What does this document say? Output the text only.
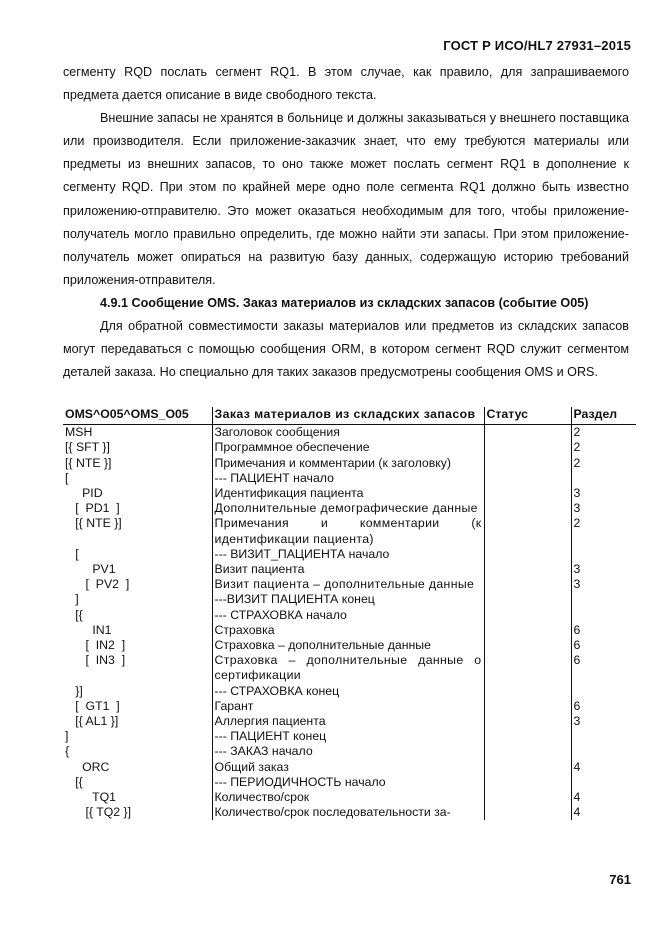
ГОСТ Р ИСО/HL7 27931–2015

сегменту RQD послать сегмент RQ1. В этом случае, как правило, для запрашиваемого предмета дается описание в виде свободного текста.

Внешние запасы не хранятся в больнице и должны заказываться у внешнего поставщика или производителя. Если приложение-заказчик знает, что ему требуются материалы или предметы из внешних запасов, то оно также может послать сегмент RQ1 в дополнение к сегменту RQD. При этом по крайней мере одно поле сегмента RQ1 должно быть известно приложению-отправителю. Это может оказаться необходимым для того, чтобы приложение-получатель могло правильно определить, где можно найти эти запасы. При этом приложение-получатель может опираться на развитую базу данных, содержащую историю требований приложения-отправителя.

4.9.1 Сообщение OMS. Заказ материалов из складских запасов (событие O05)

Для обратной совместимости заказы материалов или предметов из складских запасов могут передаваться с помощью сообщения ORM, в котором сегмент RQD служит сегментом деталей заказа. Но специально для таких заказов предусмотрены сообщения OMS и ORS.

OMS^O05^OMS_O05	Заказ материалов из складских запасов	Статус	Раздел
MSH	Заголовок сообщения		2
[{ SFT }]	Программное обеспечение		2
[{ NTE }]	Примечания и комментарии (к заголовку)		2
[	--- ПАЦИЕНТ начало		
PID	Идентификация пациента		3
[  PD1  ]	Дополнительные демографические данные		3
[{ NTE }]	Примечания и комментарии (к идентификации пациента)		2
[	--- ВИЗИТ_ПАЦИЕНТА начало		
PV1	Визит пациента		3
[  PV2  ]	Визит пациента – дополнительные данные		3
]	---ВИЗИТ ПАЦИЕНТА конец		
[{	--- СТРАХОВКА начало		
IN1	Страховка		6
[  IN2  ]	Страховка – дополнительные данные		6
[  IN3  ]	Страховка – дополнительные данные о сертификации		6
}]	--- СТРАХОВКА конец		
[  GT1  ]	Гарант		6
[{ AL1 }]	Аллергия пациента		3
]	--- ПАЦИЕНТ конец		
{	--- ЗАКАЗ начало		
ORC	Общий заказ		4
[{	--- ПЕРИОДИЧНОСТЬ начало		
TQ1	Количество/срок		4
[{ TQ2 }]	Количество/срок последовательности за-		4
761
